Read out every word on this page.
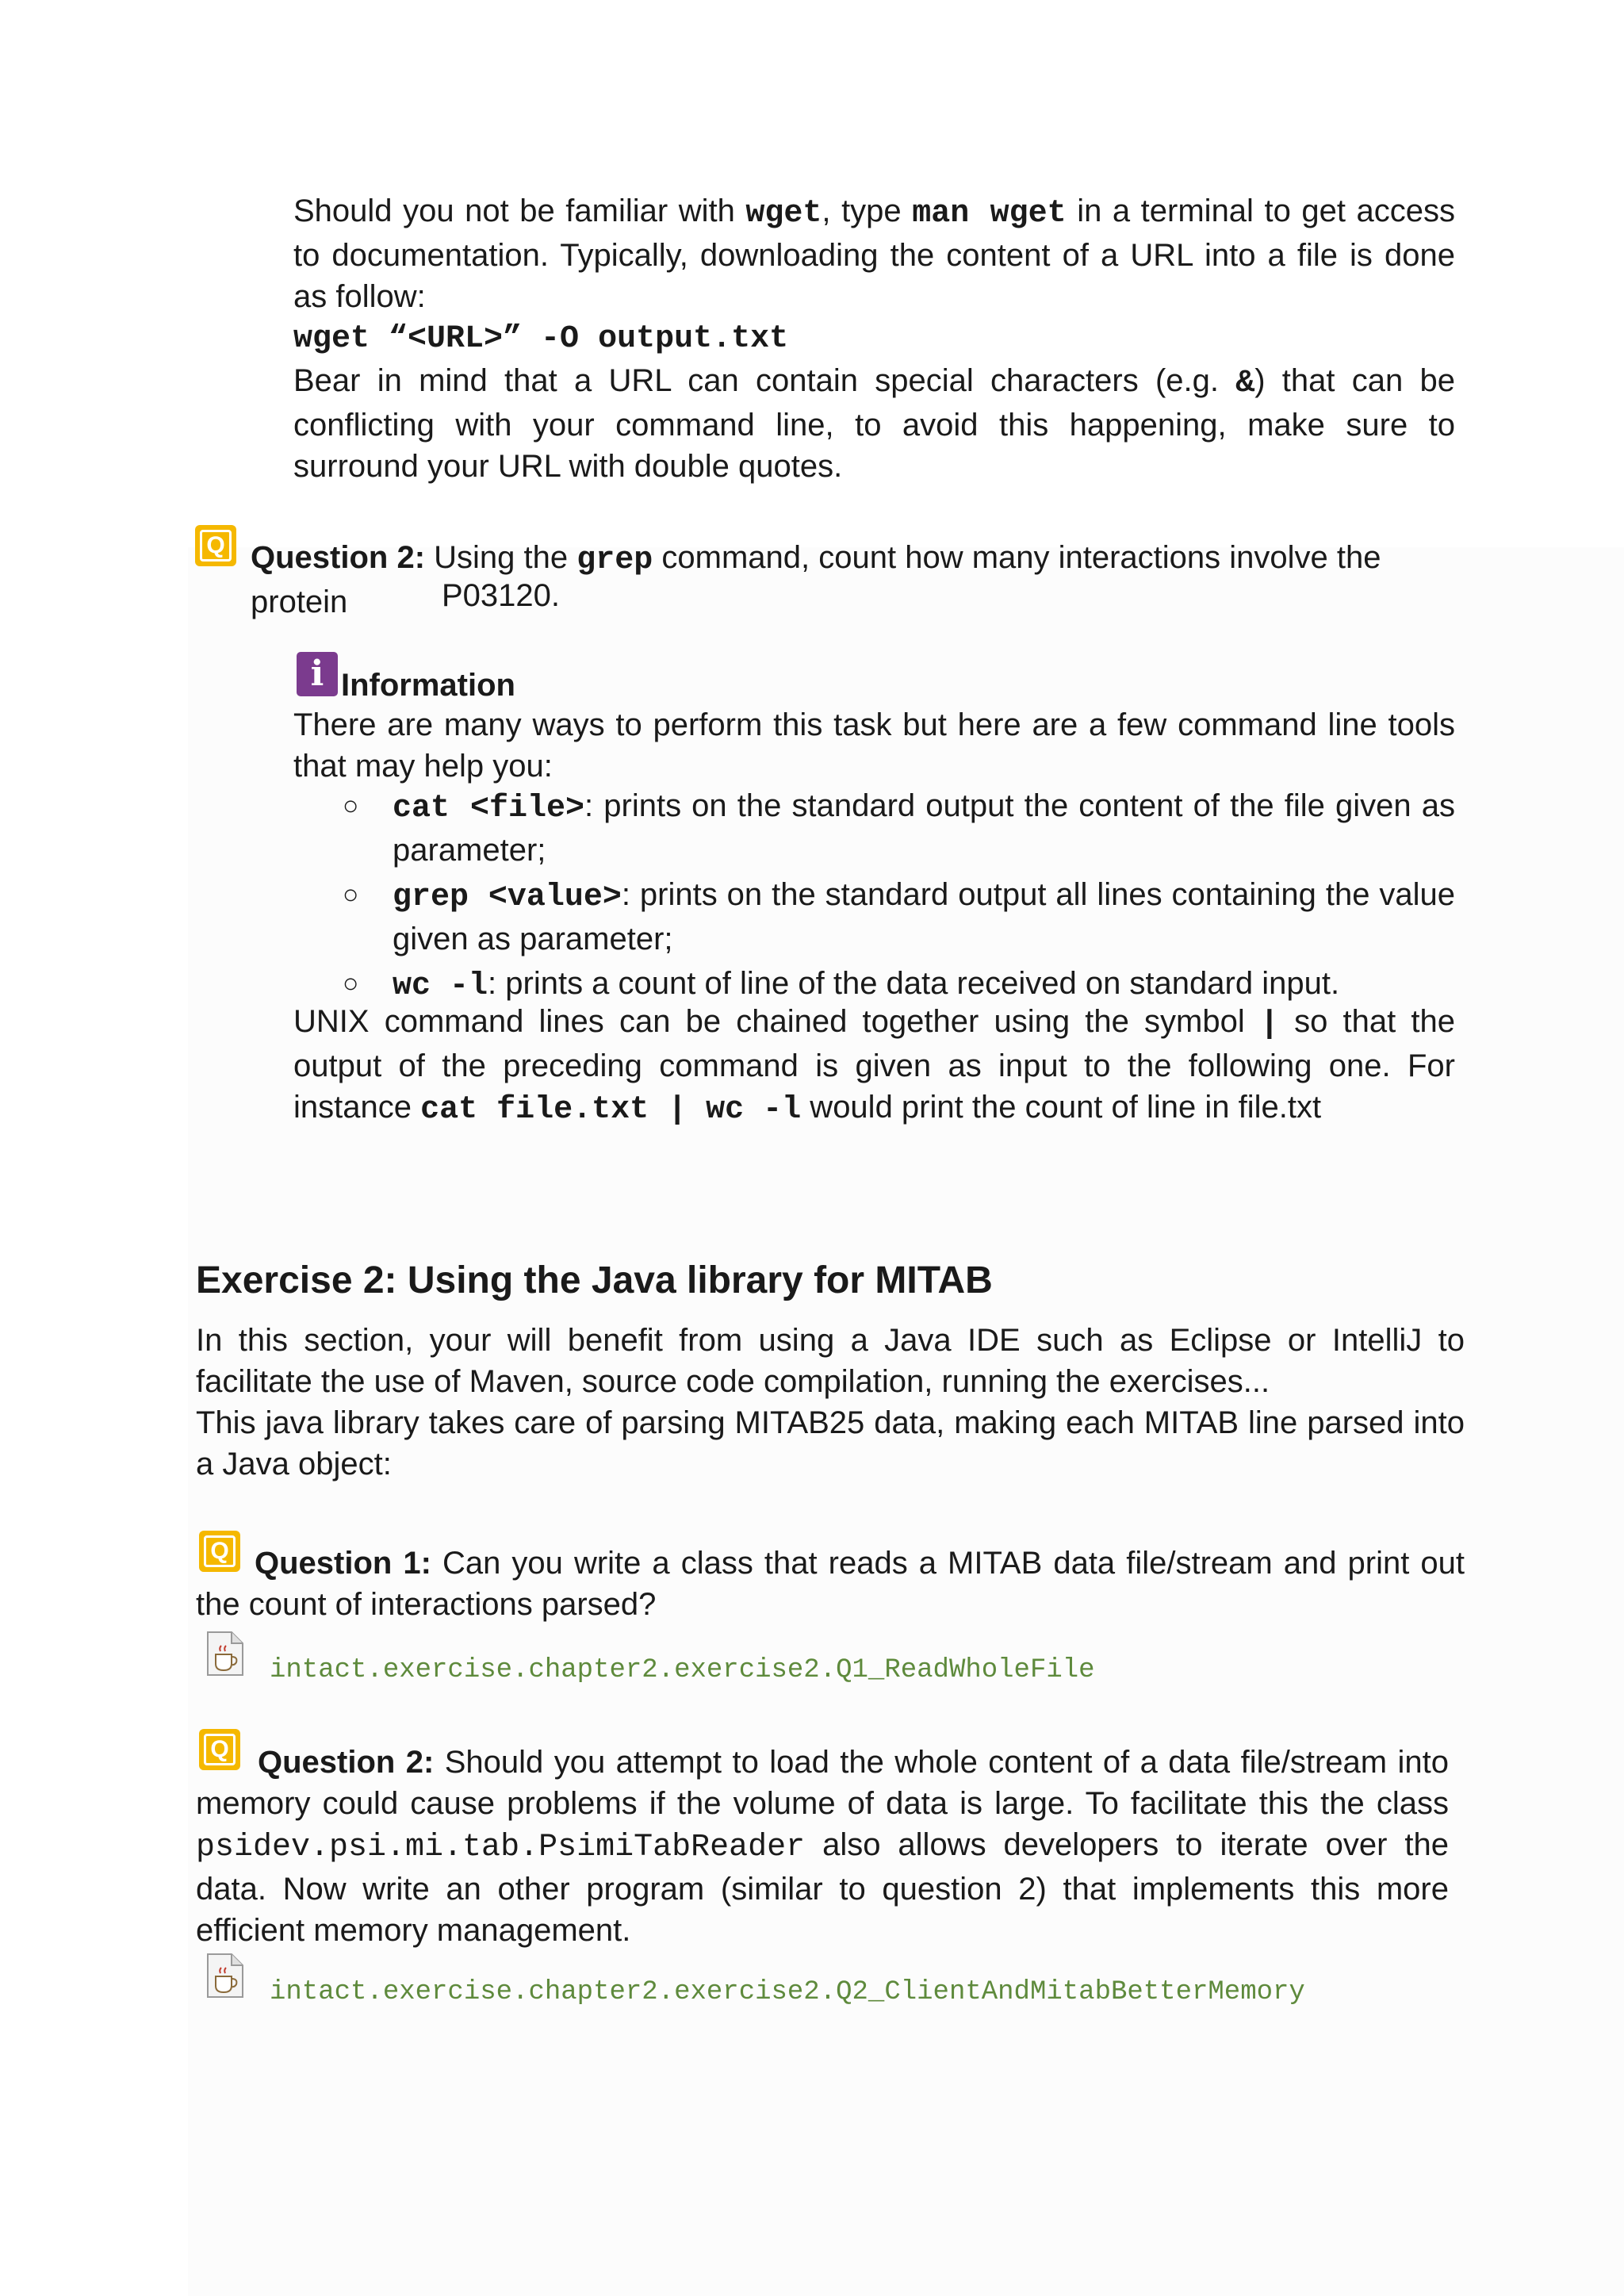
Should you not be familiar with wget, type man wget in a terminal to get access to documentation. Typically, downloading the content of a URL into a file is done as follow:
wget “<URL>” -O output.txt
Bear in mind that a URL can contain special characters (e.g. &) that can be conflicting with your command line, to avoid this happening, make sure to surround your URL with double quotes.
Q Question 2: Using the grep command, count how many interactions involve the protein	P03120.
i Information
There are many ways to perform this task but here are a few command line tools that may help you:
○ cat <file>: prints on the standard output the content of the file given as parameter;
○ grep <value>: prints on the standard output all lines containing the value given as parameter;
○ wc -l: prints a count of line of the data received on standard input.
UNIX command lines can be chained together using the symbol | so that the output of the preceding command is given as input to the following one. For instance cat file.txt | wc -l would print the count of line in file.txt
Exercise 2: Using the Java library for MITAB
In this section, your will benefit from using a Java IDE such as Eclipse or IntelliJ to facilitate the use of Maven, source code compilation, running the exercises...
This java library takes care of parsing MITAB25 data, making each MITAB line parsed into a Java object:
Q Question 1: Can you write a class that reads a MITAB data file/stream and print out the count of interactions parsed?
intact.exercise.chapter2.exercise2.Q1_ReadWholeFile
Q Question 2: Should you attempt to load the whole content of a data file/stream into memory could cause problems if the volume of data is large. To facilitate this the class psidev.psi.mi.tab.PsimiTabReader also allows developers to iterate over the data. Now write an other program (similar to question 2) that implements this more efficient memory management.
intact.exercise.chapter2.exercise2.Q2_ClientAndMitabBetterMemory
